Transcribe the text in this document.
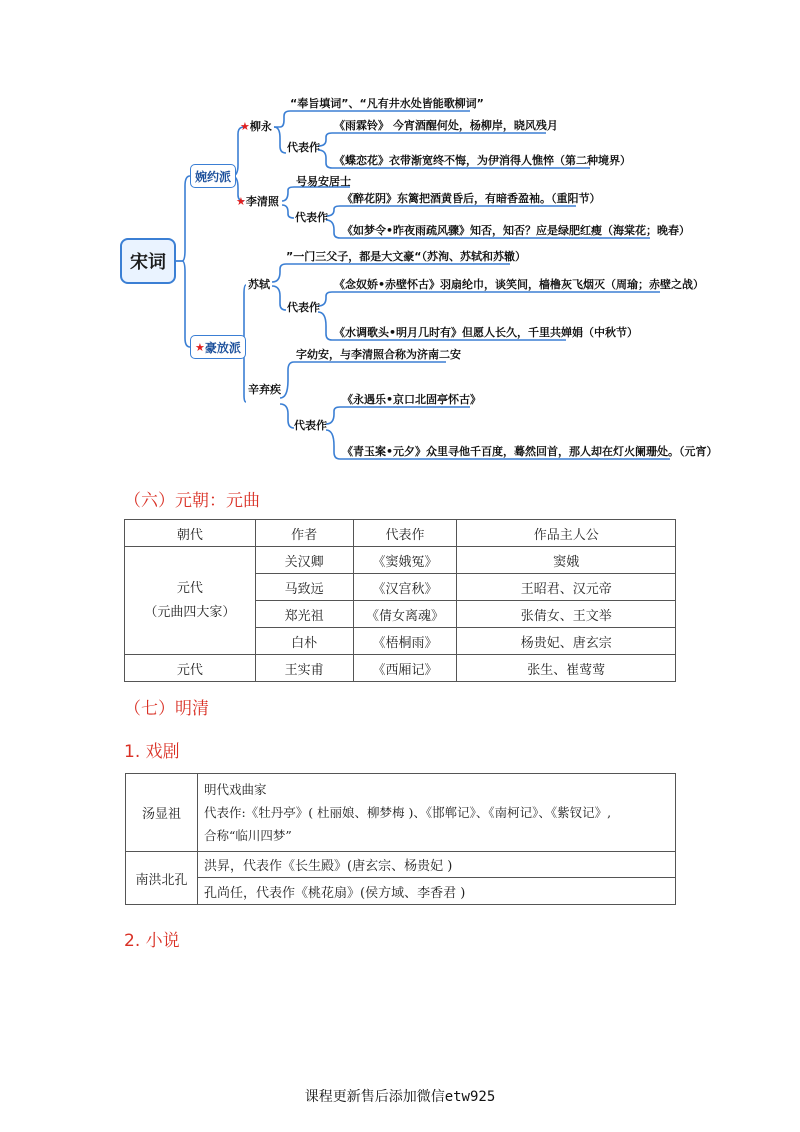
宋词
婉约派
★ 豪放派
★柳永
“奉旨填词”、“凡有井水处皆能歌柳词”
代表作
《雨霖铃》 今宵酒醒何处，杨柳岸，晓风残月
《蝶恋花》衣带渐宽终不悔，为伊消得人憔悴（第二种境界）
★李清照
号易安居士
代表作
《醉花阴》东篱把酒黄昏后，有暗香盈袖。（重阳节）
《如梦令•昨夜雨疏风骤》知否，知否？应是绿肥红瘦（海棠花；晚春）
苏轼
”一门三父子，都是大文豪“（苏洵、苏轼和苏辙）
代表作
《念奴娇•赤壁怀古》羽扇纶巾，谈笑间，樯橹灰飞烟灭（周瑜；赤壁之战）
《水调歌头•明月几时有》但愿人长久，千里共婵娟（中秋节）
辛弃疾
字幼安，与李清照合称为济南二安
代表作
《永遇乐•京口北固亭怀古》
《青玉案•元夕》众里寻他千百度，蓦然回首，那人却在灯火阑珊处。（元宵）
（六）元朝：元曲
朝代	作者	代表作	作品主人公

元代
（元曲四大家）	关汉卿	《窦娥冤》	窦娥
	马致远	《汉宫秋》	王昭君、汉元帝
	郑光祖	《倩女离魂》	张倩女、王文举
	白朴	《梧桐雨》	杨贵妃、唐玄宗
元代	王实甫	《西厢记》	张生、崔莺莺
（七）明清
1. 戏剧
汤显祖	明代戏曲家
代表作:《牡丹亭》( 杜丽娘、柳梦梅 )、《邯郸记》、《南柯记》、《紫钗记》,
合称“临川四梦”

南洪北孔	洪昇，代表作《长生殿》(唐玄宗、杨贵妃 )
	孔尚任，代表作《桃花扇》(侯方域、李香君 )
2. 小说
课程更新售后添加微信etw925
